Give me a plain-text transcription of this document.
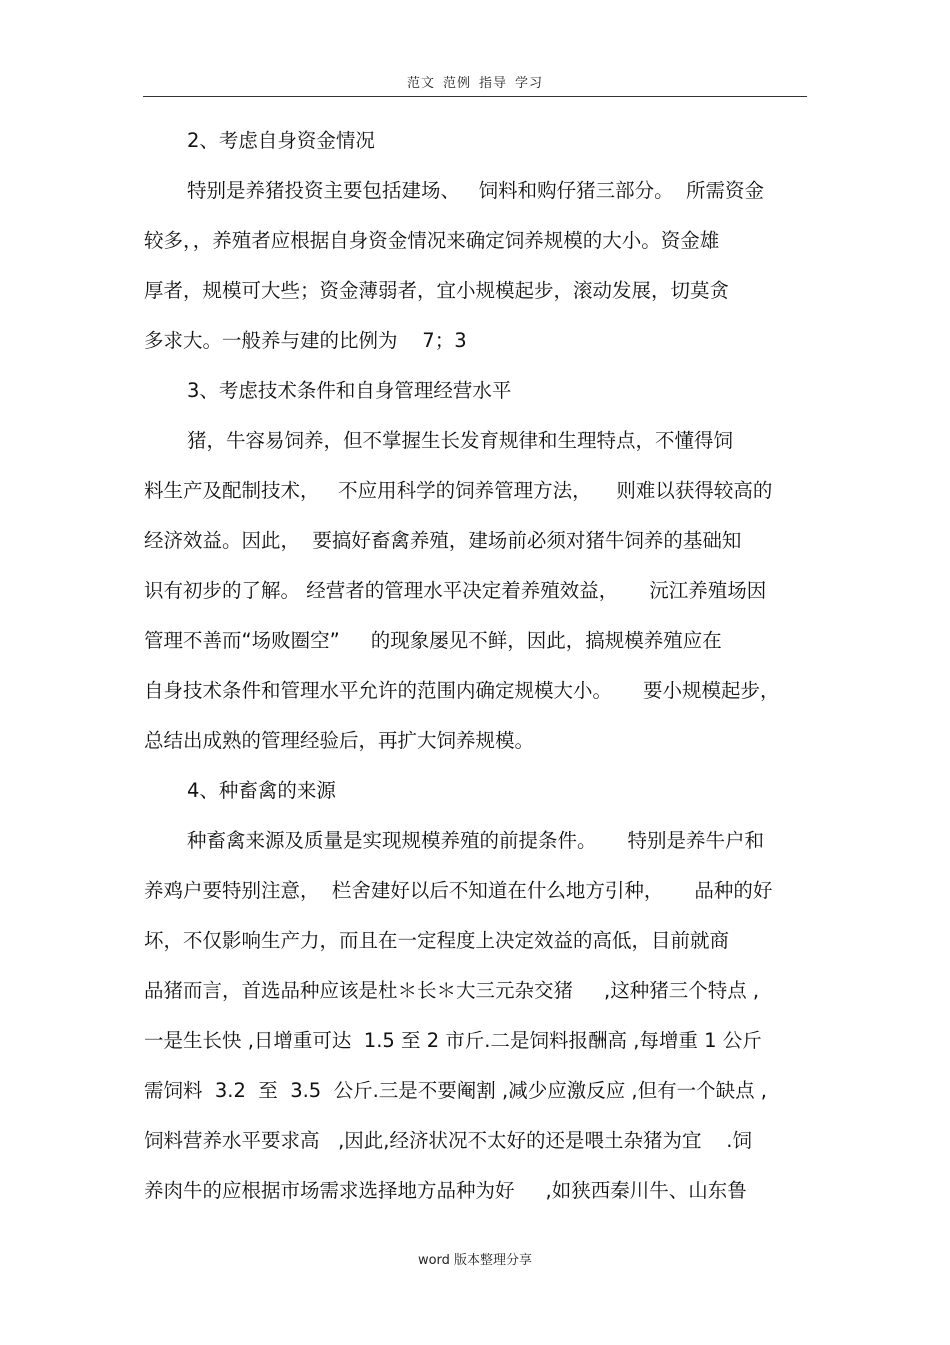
范文 范例 指导 学习
2、考虑自身资金情况
特别是养猪投资主要包括建场、   饲料和购仔猪三部分。  所需资金
较多，，养殖者应根据自身资金情况来确定饲养规模的大小。资金雄
厚者，规模可大些；资金薄弱者，宜小规模起步，滚动发展，切莫贪
多求大。一般养与建的比例为    7；3
3、考虑技术条件和自身管理经营水平
猪，牛容易饲养，但不掌握生长发育规律和生理特点，不懂得饲
料生产及配制技术，   不应用科学的饲养管理方法，    则难以获得较高的
经济效益。因此，  要搞好畜禽养殖，建场前必须对猪牛饲养的基础知
识有初步的了解。 经营者的管理水平决定着养殖效益，     沅江养殖场因
管理不善而“场败圈空”     的现象屡见不鲜，因此，搞规模养殖应在
自身技术条件和管理水平允许的范围内确定规模大小。     要小规模起步，
总结出成熟的管理经验后，再扩大饲养规模。
4、种畜禽的来源
种畜禽来源及质量是实现规模养殖的前提条件。     特别是养牛户和
养鸡户要特别注意，  栏舍建好以后不知道在什么地方引种，     品种的好
坏，不仅影响生产力，而且在一定程度上决定效益的高低，目前就商
品猪而言，首选品种应该是杜＊长＊大三元杂交猪     ,这种猪三个特点 ,
一是生长快 ,日增重可达  1.5 至 2 市斤.二是饲料报酬高 ,每增重 1 公斤
需饲料  3.2  至  3.5  公斤.三是不要阉割 ,减少应激反应 ,但有一个缺点 ,
饲料营养水平要求高   ,因此,经济状况不太好的还是喂土杂猪为宜    .饲
养肉牛的应根据市场需求选择地方品种为好     ,如狭西秦川牛、山东鲁
word 版本整理分享
